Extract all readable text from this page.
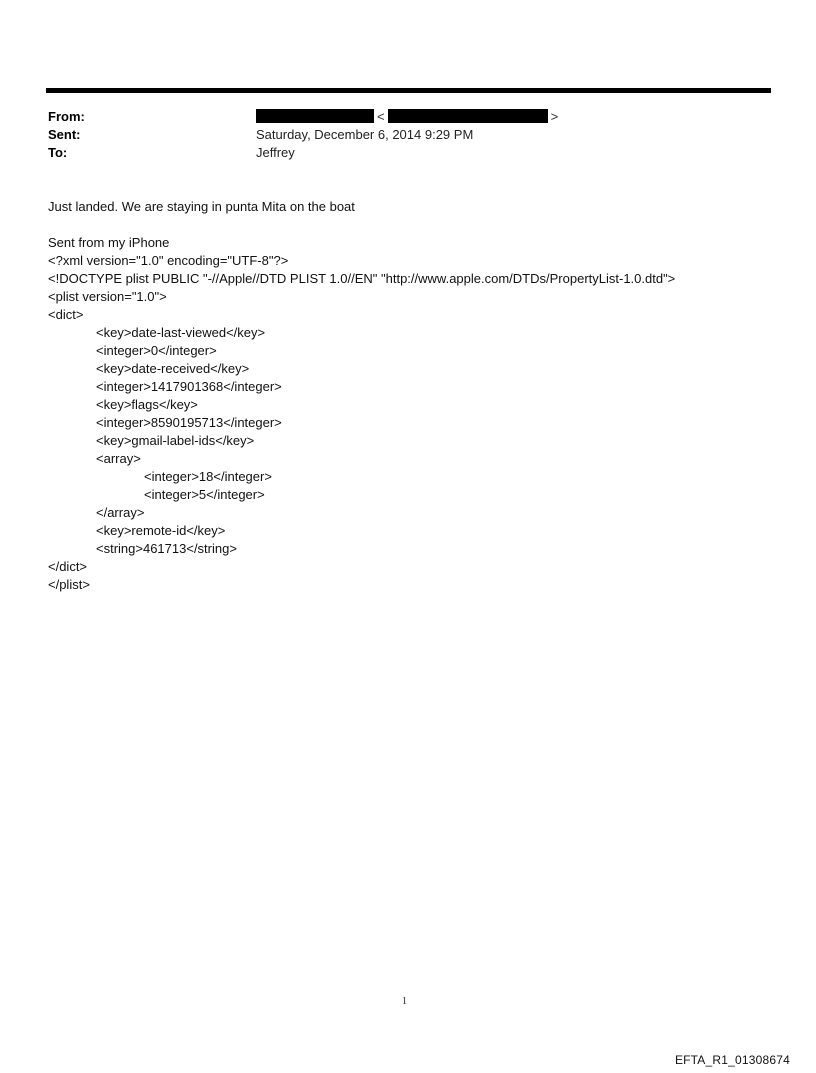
From:	<	>
Sent:	Saturday, December 6, 2014 9:29 PM
To:	Jeffrey
Just landed. We are staying in punta Mita on the boat
Sent from my iPhone
<?xml version="1.0" encoding="UTF-8"?>
<!DOCTYPE plist PUBLIC "-//Apple//DTD PLIST 1.0//EN" "http://www.apple.com/DTDs/PropertyList-1.0.dtd">
<plist version="1.0">
<dict>
<key>date-last-viewed</key>
<integer>0</integer>
<key>date-received</key>
<integer>1417901368</integer>
<key>flags</key>
<integer>8590195713</integer>
<key>gmail-label-ids</key>
<array>
<integer>18</integer>
<integer>5</integer>
</array>
<key>remote-id</key>
<string>461713</string>
</dict>
</plist>
1
EFTA_R1_01308674
